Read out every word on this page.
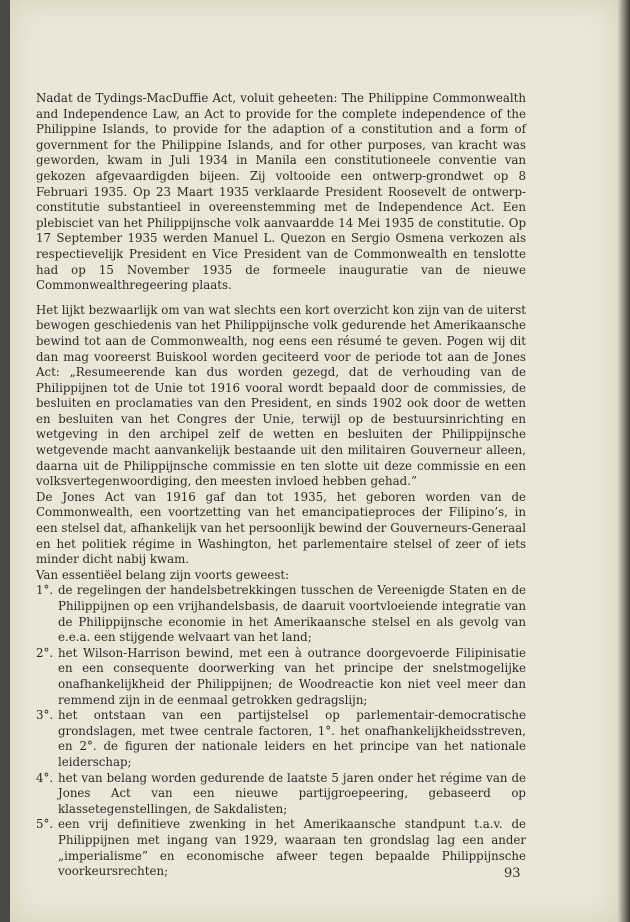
Nadat de Tydings-MacDuffie Act, voluit geheeten: The Philippine Commonwealth and Independence Law, an Act to provide for the complete independence of the Philippine Islands, to provide for the adaption of a constitution and a form of government for the Philippine Islands, and for other purposes, van kracht was geworden, kwam in Juli 1934 in Manila een constitutioneele conventie van gekozen afgevaardigden bijeen. Zij voltooide een ontwerp-grondwet op 8 Februari 1935. Op 23 Maart 1935 verklaarde President Roosevelt de ontwerp-constitutie substantieel in overeenstemming met de Independence Act. Een plebisciet van het Philippijnsche volk aanvaardde 14 Mei 1935 de constitutie. Op 17 September 1935 werden Manuel L. Quezon en Sergio Osmena verkozen als respectievelijk President en Vice President van de Commonwealth en tenslotte had op 15 November 1935 de formeele inauguratie van de nieuwe Commonwealthregeering plaats.

Het lijkt bezwaarlijk om van wat slechts een kort overzicht kon zijn van de uiterst bewogen geschiedenis van het Philippijnsche volk gedurende het Amerikaansche bewind tot aan de Commonwealth, nog eens een résumé te geven. Pogen wij dit dan mag vooreerst Buiskool worden geciteerd voor de periode tot aan de Jones Act: „Resumeerende kan dus worden gezegd, dat de verhouding van de Philippijnen tot de Unie tot 1916 vooral wordt bepaald door de commissies, de besluiten en proclamaties van den President, en sinds 1902 ook door de wetten en besluiten van het Congres der Unie, terwijl op de bestuursinrichting en wetgeving in den archipel zelf de wetten en besluiten der Philippijnsche wetgevende macht aanvankelijk bestaande uit den militairen Gouverneur alleen, daarna uit de Philippijnsche commissie en ten slotte uit deze commissie en een volksvertegenwoordiging, den meesten invloed hebben gehad.”

De Jones Act van 1916 gaf dan tot 1935, het geboren worden van de Commonwealth, een voortzetting van het emancipatieproces der Filipino’s, in een stelsel dat, afhankelijk van het persoonlijk bewind der Gouverneurs-Generaal en het politiek régime in Washington, het parlementaire stelsel of zeer of iets minder dicht nabij kwam.

Van essentiëel belang zijn voorts geweest:

1°. de regelingen der handelsbetrekkingen tusschen de Vereenigde Staten en de Philippijnen op een vrijhandelsbasis, de daaruit voortvloeiende integratie van de Philippijnsche economie in het Amerikaansche stelsel en als gevolg van e.e.a. een stijgende welvaart van het land;
2°. het Wilson-Harrison bewind, met een à outrance doorgevoerde Filipinisatie en een consequente doorwerking van het principe der snelstmogelijke onafhankelijkheid der Philippijnen; de Woodreactie kon niet veel meer dan remmend zijn in de eenmaal getrokken gedragslijn;
3°. het ontstaan van een partijstelsel op parlementair-democratische grondslagen, met twee centrale factoren, 1°. het onafhankelijkheidsstreven, en 2°. de figuren der nationale leiders en het principe van het nationale leiderschap;
4°. het van belang worden gedurende de laatste 5 jaren onder het régime van de Jones Act van een nieuwe partijgroepeering, gebaseerd op klassetegenstellingen, de Sakdalisten;
5°. een vrij definitieve zwenking in het Amerikaansche standpunt t.a.v. de Philippijnen met ingang van 1929, waaraan ten grondslag lag een ander „imperialisme” en economische afweer tegen bepaalde Philippijnsche voorkeursrechten;	93
